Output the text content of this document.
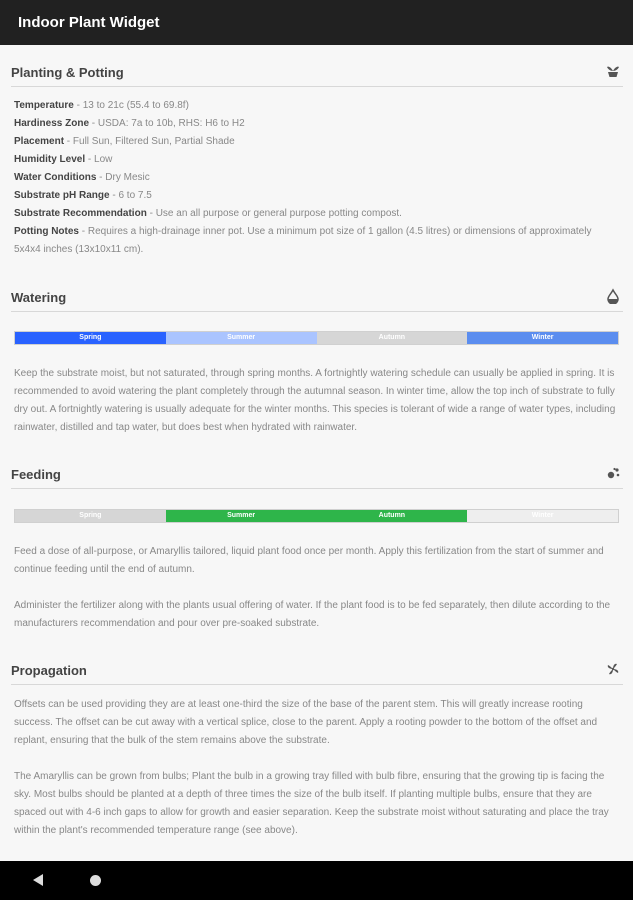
Indoor Plant Widget
Planting & Potting
Temperature - 13 to 21c (55.4 to 69.8f)
Hardiness Zone - USDA: 7a to 10b, RHS: H6 to H2
Placement - Full Sun, Filtered Sun, Partial Shade
Humidity Level - Low
Water Conditions - Dry Mesic
Substrate pH Range - 6 to 7.5
Substrate Recommendation - Use an all purpose or general purpose potting compost.
Potting Notes - Requires a high-drainage inner pot. Use a minimum pot size of 1 gallon (4.5 litres) or dimensions of approximately 5x4x4 inches (13x10x11 cm).
Watering
Spring	Summer	Autumn	Winter
Keep the substrate moist, but not saturated, through spring months. A fortnightly watering schedule can usually be applied in spring. It is recommended to avoid watering the plant completely through the autumnal season. In winter time, allow the top inch of substrate to fully dry out. A fortnightly watering is usually adequate for the winter months. This species is tolerant of wide a range of water types, including rainwater, distilled and tap water, but does best when hydrated with rainwater.
Feeding
Spring	Summer	Autumn	Winter
Feed a dose of all-purpose, or Amaryllis tailored, liquid plant food once per month. Apply this fertilization from the start of summer and continue feeding until the end of autumn.
Administer the fertilizer along with the plants usual offering of water. If the plant food is to be fed separately, then dilute according to the manufacturers recommendation and pour over pre-soaked substrate.
Propagation
Offsets can be used providing they are at least one-third the size of the base of the parent stem. This will greatly increase rooting success. The offset can be cut away with a vertical splice, close to the parent. Apply a rooting powder to the bottom of the offset and replant, ensuring that the bulk of the stem remains above the substrate.
The Amaryllis can be grown from bulbs; Plant the bulb in a growing tray filled with bulb fibre, ensuring that the growing tip is facing the sky. Most bulbs should be planted at a depth of three times the size of the bulb itself. If planting multiple bulbs, ensure that they are spaced out with 4-6 inch gaps to allow for growth and easier separation. Keep the substrate moist without saturating and place the tray within the plant's recommended temperature range (see above).
